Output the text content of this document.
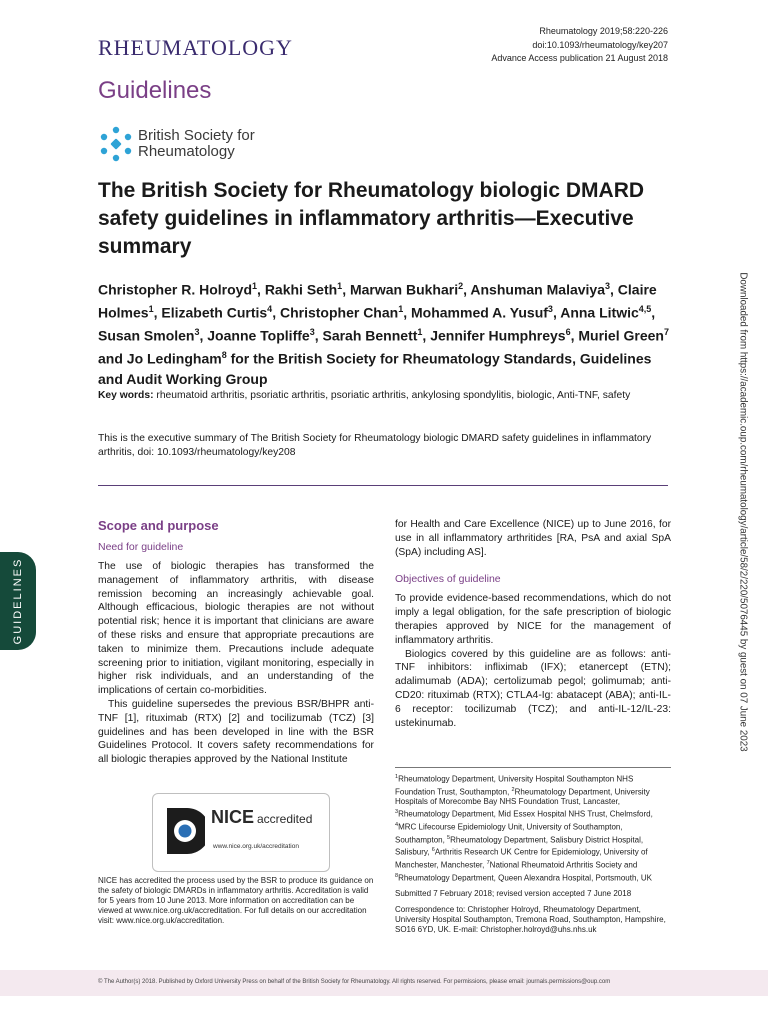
RHEUMATOLOGY
Rheumatology 2019;58:220-226
doi:10.1093/rheumatology/key207
Advance Access publication 21 August 2018
Guidelines
British Society for
Rheumatology
The British Society for Rheumatology biologic DMARD safety guidelines in inflammatory arthritis—Executive summary
Christopher R. Holroyd$^1$, Rakhi Seth$^1$, Marwan Bukhari$^2$, Anshuman Malaviya$^3$, Claire Holmes$^1$, Elizabeth Curtis$^4$, Christopher Chan$^1$, Mohammed A. Yusuf$^3$, Anna Litwic$^{4,5}$, Susan Smolen$^3$, Joanne Topliffe$^3$, Sarah Bennett$^1$, Jennifer Humphreys$^6$, Muriel Green$^7$ and Jo Ledingham$^8$ for the British Society for Rheumatology Standards, Guidelines and Audit Working Group
Key words: rheumatoid arthritis, psoriatic arthritis, psoriatic arthritis, ankylosing spondylitis, biologic, Anti-TNF, safety
This is the executive summary of The British Society for Rheumatology biologic DMARD safety guidelines in inflammatory arthritis, doi: 10.1093/rheumatology/key208
Scope and purpose
Need for guideline

The use of biologic therapies has transformed the management of inflammatory arthritis, with disease remission becoming an increasingly achievable goal. Although efficacious, biologic therapies are not without potential risk; hence it is important that clinicians are aware of these risks and ensure that appropriate precautions are taken to minimize them. Precautions include adequate screening prior to initiation, vigilant monitoring, especially in higher risk individuals, and an understanding of the implications of certain co-morbidities.

This guideline supersedes the previous BSR/BHPR anti-TNF [1], rituximab (RTX) [2] and tocilizumab (TCZ) [3] guidelines and has been developed in line with the BSR Guidelines Protocol. It covers safety recommendations for all biologic therapies approved by the National Institute

for Health and Care Excellence (NICE) up to June 2016, for use in all inflammatory arthritides [RA, PsA and axial SpA (SpA) including AS].

Objectives of guideline

To provide evidence-based recommendations, which do not imply a legal obligation, for the safe prescription of biologic therapies approved by NICE for the management of inflammatory arthritis.

Biologics covered by this guideline are as follows: anti-TNF inhibitors: infliximab (IFX); etanercept (ETN); adalimumab (ADA); certolizumab pegol; golimumab; anti-CD20: rituximab (RTX); CTLA4-Ig: abatacept (ABA); anti-IL-6 receptor: tocilizumab (TCZ); and anti-IL-12/IL-23: ustekinumab.

NICE accredited
www.nice.org.uk/accreditation
NICE has accredited the process used by the BSR to produce its guidance on the safety of biologic DMARDs in inflammatory arthritis. Accreditation is valid for 5 years from 10 June 2013. More information on accreditation can be viewed at www.nice.org.uk/accreditation. For full details on our accreditation visit: www.nice.org.uk/accreditation.
$^1$Rheumatology Department, University Hospital Southampton NHS Foundation Trust, Southampton, $^2$Rheumatology Department, University Hospitals of Morecombe Bay NHS Foundation Trust, Lancaster, $^3$Rheumatology Department, Mid Essex Hospital NHS Trust, Chelmsford, $^4$MRC Lifecourse Epidemiology Unit, University of Southampton, Southampton, $^5$Rheumatology Department, Salisbury District Hospital, Salisbury, $^6$Arthritis Research UK Centre for Epidemiology, University of Manchester, Manchester, $^7$National Rheumatoid Arthritis Society and $^8$Rheumatology Department, Queen Alexandra Hospital, Portsmouth, UK
Submitted 7 February 2018; revised version accepted 7 June 2018
Correspondence to: Christopher Holroyd, Rheumatology Department, University Hospital Southampton, Tremona Road, Southampton, Hampshire, SO16 6YD, UK. E-mail: Christopher.holroyd@uhs.nhs.uk
© The Author(s) 2018. Published by Oxford University Press on behalf of the British Society for Rheumatology. All rights reserved. For permissions, please email: journals.permissions@oup.com
GUIDELINES	Downloaded from https://academic.oup.com/rheumatology/article/58/2/220/5076445 by guest on 07 June 2023
